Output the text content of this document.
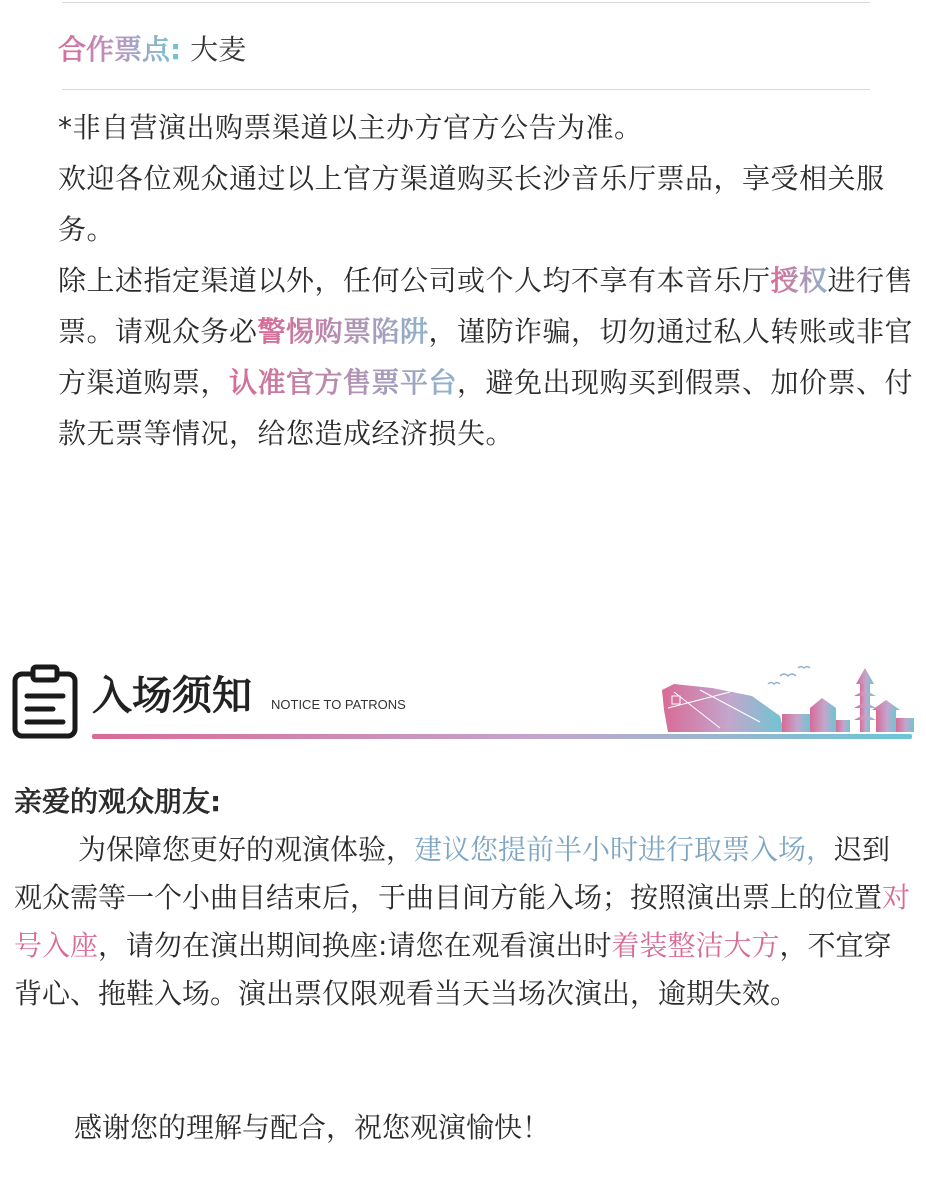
合作票点: 大麦

*非自营演出购票渠道以主办方官方公告为准。

欢迎各位观众通过以上官方渠道购买长沙音乐厅票品，享受相关服务。

除上述指定渠道以外，任何公司或个人均不享有本音乐厅授权进行售票。请观众务必警惕购票陷阱，谨防诈骗，切勿通过私人转账或非官方渠道购票，认准官方售票平台，避免出现购买到假票、加价票、付款无票等情况，给您造成经济损失。

入场须知 NOTICE TO PATRONS

亲爱的观众朋友:

为保障您更好的观演体验，建议您提前半小时进行取票入场，迟到观众需等一个小曲目结束后，于曲目间方能入场；按照演出票上的位置对号入座，请勿在演出期间换座:请您在观看演出时着装整洁大方，不宜穿背心、拖鞋入场。演出票仅限观看当天当场次演出，逾期失效。

感谢您的理解与配合，祝您观演愉快！
